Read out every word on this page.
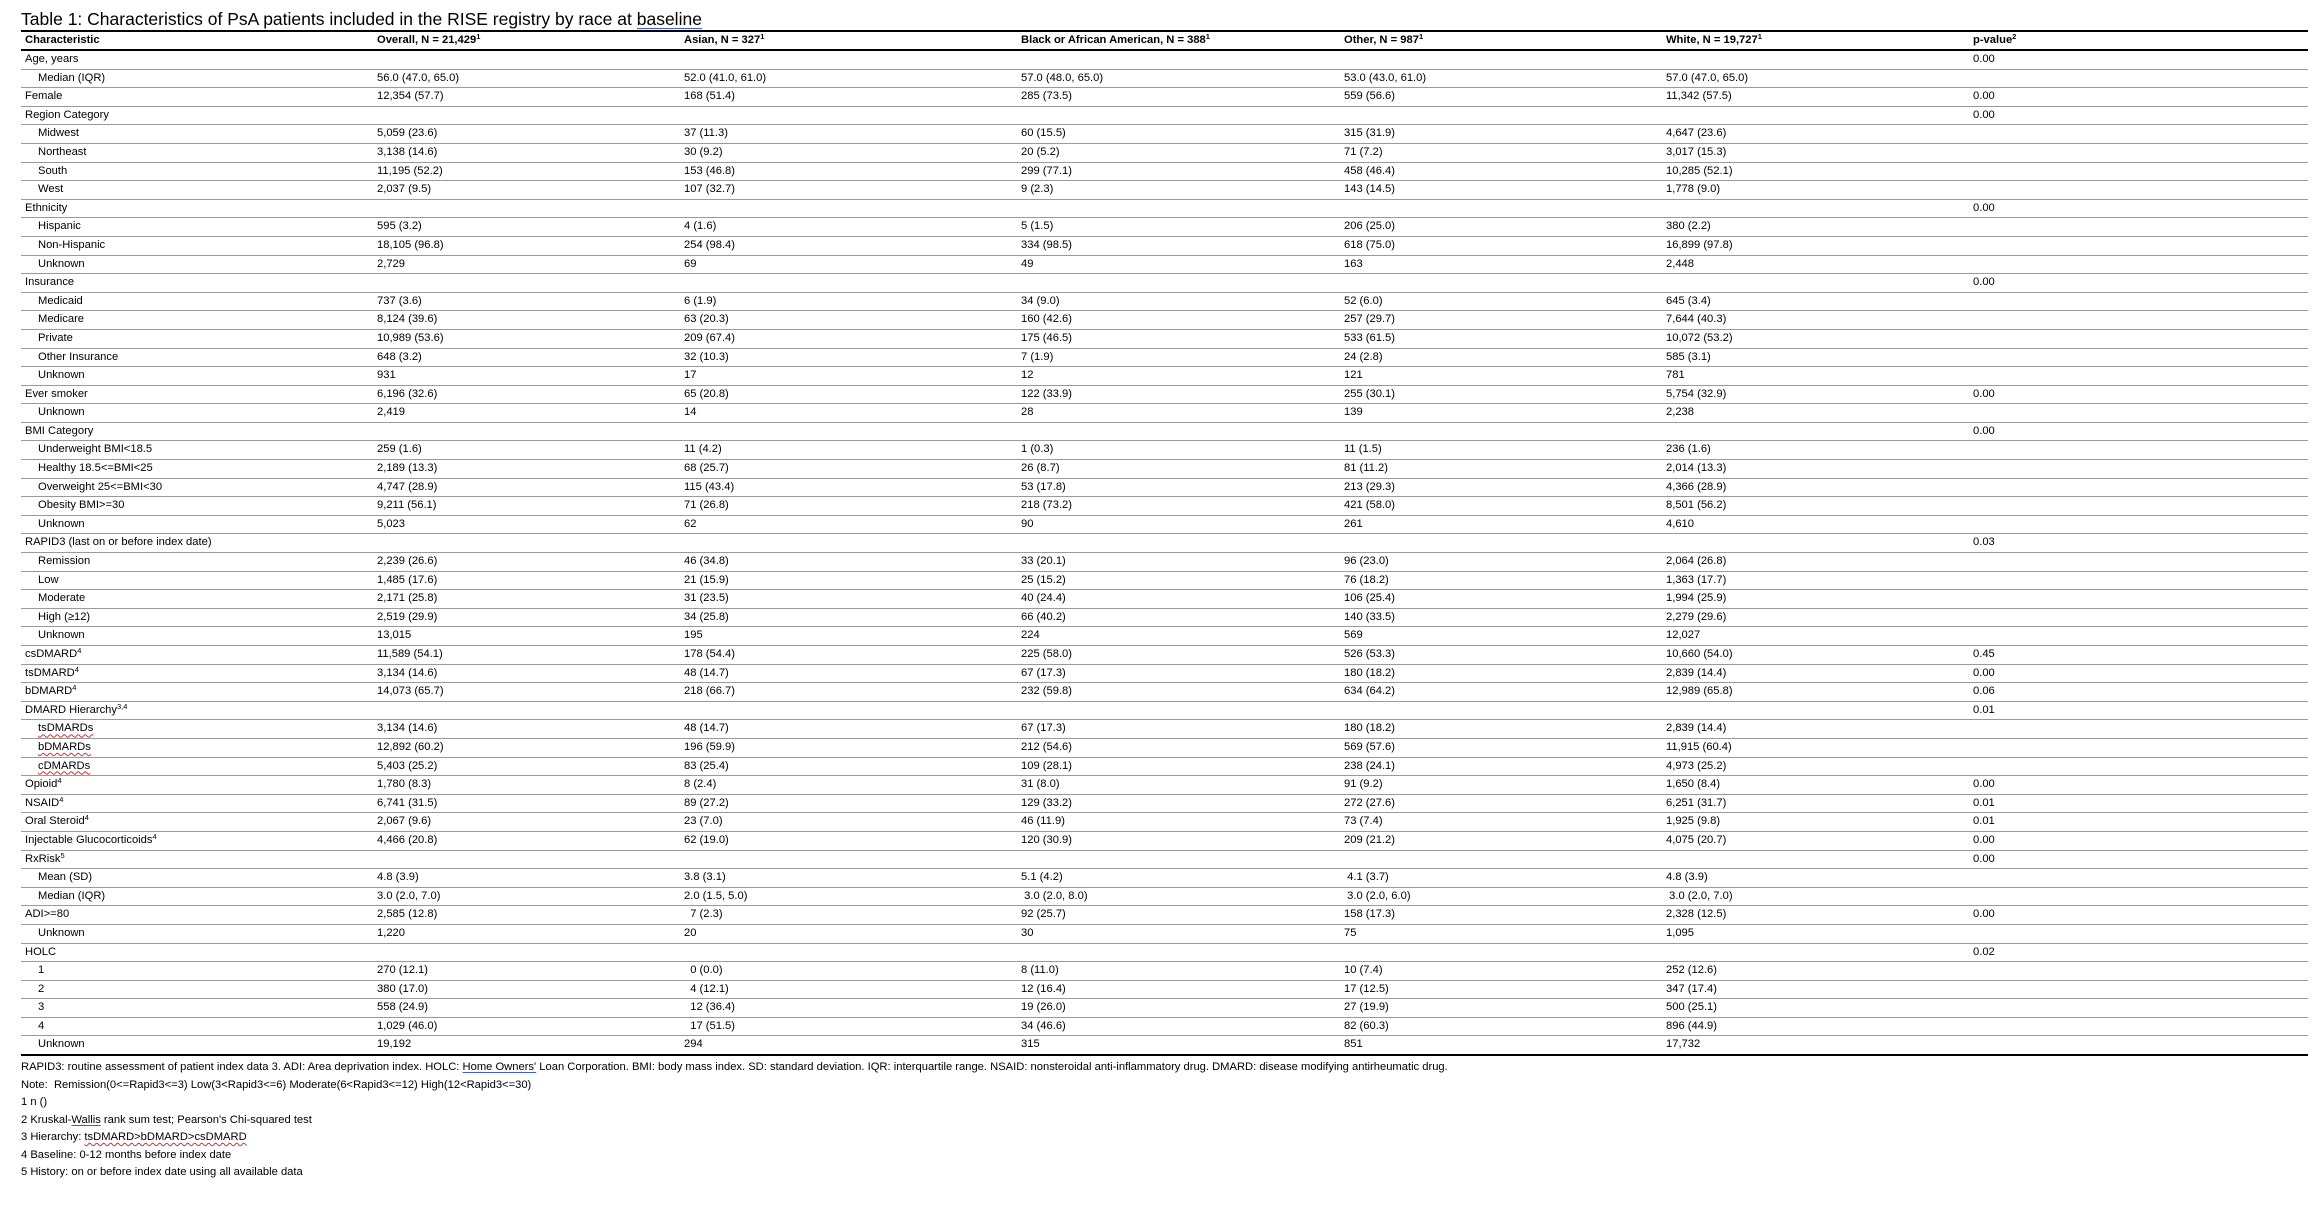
Table 1: Characteristics of PsA patients included in the RISE registry by race at baseline
Characteristic	Overall, $N = 21,429^1$	Asian, $N = 327^1$	Black or African American, $N = 388^1$	Other, $N = 987^1$	White, $N = 19,727^1$	p-value$^2$
Age, years						0.00
Median (IQR)	56.0 (47.0, 65.0)	52.0 (41.0, 61.0)	57.0 (48.0, 65.0)	53.0 (43.0, 61.0)	57.0 (47.0, 65.0)	
Female	12,354 (57.7)	168 (51.4)	285 (73.5)	559 (56.6)	11,342 (57.5)	0.00
Region Category						0.00
Midwest	5,059 (23.6)	37 (11.3)	60 (15.5)	315 (31.9)	4,647 (23.6)	
Northeast	3,138 (14.6)	30 (9.2)	20 (5.2)	71 (7.2)	3,017 (15.3)	
South	11,195 (52.2)	153 (46.8)	299 (77.1)	458 (46.4)	10,285 (52.1)	
West	2,037 (9.5)	107 (32.7)	9 (2.3)	143 (14.5)	1,778 (9.0)	
Ethnicity						0.00
Hispanic	595 (3.2)	4 (1.6)	5 (1.5)	206 (25.0)	380 (2.2)	
Non-Hispanic	18,105 (96.8)	254 (98.4)	334 (98.5)	618 (75.0)	16,899 (97.8)	
Unknown	2,729	69	49	163	2,448	
Insurance						0.00
Medicaid	737 (3.6)	6 (1.9)	34 (9.0)	52 (6.0)	645 (3.4)	
Medicare	8,124 (39.6)	63 (20.3)	160 (42.6)	257 (29.7)	7,644 (40.3)	
Private	10,989 (53.6)	209 (67.4)	175 (46.5)	533 (61.5)	10,072 (53.2)	
Other Insurance	648 (3.2)	32 (10.3)	7 (1.9)	24 (2.8)	585 (3.1)	
Unknown	931	17	12	121	781	
Ever smoker	6,196 (32.6)	65 (20.8)	122 (33.9)	255 (30.1)	5,754 (32.9)	0.00
Unknown	2,419	14	28	139	2,238	
BMI Category						0.00
Underweight BMI<18.5	259 (1.6)	11 (4.2)	1 (0.3)	11 (1.5)	236 (1.6)	
Healthy 18.5<=BMI<25	2,189 (13.3)	68 (25.7)	26 (8.7)	81 (11.2)	2,014 (13.3)	
Overweight 25<=BMI<30	4,747 (28.9)	115 (43.4)	53 (17.8)	213 (29.3)	4,366 (28.9)	
Obesity BMI>=30	9,211 (56.1)	71 (26.8)	218 (73.2)	421 (58.0)	8,501 (56.2)	
Unknown	5,023	62	90	261	4,610	
RAPID3 (last on or before index date)						0.03
Remission	2,239 (26.6)	46 (34.8)	33 (20.1)	96 (23.0)	2,064 (26.8)	
Low	1,485 (17.6)	21 (15.9)	25 (15.2)	76 (18.2)	1,363 (17.7)	
Moderate	2,171 (25.8)	31 (23.5)	40 (24.4)	106 (25.4)	1,994 (25.9)	
High (≥12)	2,519 (29.9)	34 (25.8)	66 (40.2)	140 (33.5)	2,279 (29.6)	
Unknown	13,015	195	224	569	12,027	
csDMARD$^4$	11,589 (54.1)	178 (54.4)	225 (58.0)	526 (53.3)	10,660 (54.0)	0.45
tsDMARD$^4$	3,134 (14.6)	48 (14.7)	67 (17.3)	180 (18.2)	2,839 (14.4)	0.00
bDMARD$^4$	14,073 (65.7)	218 (66.7)	232 (59.8)	634 (64.2)	12,989 (65.8)	0.06
DMARD Hierarchy$^{3,4}$						0.01
tsDMARDs	3,134 (14.6)	48 (14.7)	67 (17.3)	180 (18.2)	2,839 (14.4)	
bDMARDs	12,892 (60.2)	196 (59.9)	212 (54.6)	569 (57.6)	11,915 (60.4)	
cDMARDs	5,403 (25.2)	83 (25.4)	109 (28.1)	238 (24.1)	4,973 (25.2)	
Opioid$^4$	1,780 (8.3)	8 (2.4)	31 (8.0)	91 (9.2)	1,650 (8.4)	0.00
NSAID$^4$	6,741 (31.5)	89 (27.2)	129 (33.2)	272 (27.6)	6,251 (31.7)	0.01
Oral Steroid$^4$	2,067 (9.6)	23 (7.0)	46 (11.9)	73 (7.4)	1,925 (9.8)	0.01
Injectable Glucocorticoids$^4$	4,466 (20.8)	62 (19.0)	120 (30.9)	209 (21.2)	4,075 (20.7)	0.00
RxRisk$^5$						0.00
Mean (SD)	4.8 (3.9)	3.8 (3.1)	5.1 (4.2)	4.1 (3.7)	4.8 (3.9)	
Median (IQR)	3.0 (2.0, 7.0)	2.0 (1.5, 5.0)	3.0 (2.0, 8.0)	3.0 (2.0, 6.0)	3.0 (2.0, 7.0)	
ADI>=80	2,585 (12.8)	7 (2.3)	92 (25.7)	158 (17.3)	2,328 (12.5)	0.00
Unknown	1,220	20	30	75	1,095	
HOLC						0.02
1	270 (12.1)	0 (0.0)	8 (11.0)	10 (7.4)	252 (12.6)	
2	380 (17.0)	4 (12.1)	12 (16.4)	17 (12.5)	347 (17.4)	
3	558 (24.9)	12 (36.4)	19 (26.0)	27 (19.9)	500 (25.1)	
4	1,029 (46.0)	17 (51.5)	34 (46.6)	82 (60.3)	896 (44.9)	
Unknown	19,192	294	315	851	17,732	
RAPID3: routine assessment of patient index data 3. ADI: Area deprivation index. HOLC: Home Owners' Loan Corporation. BMI: body mass index. SD: standard deviation. IQR: interquartile range. NSAID: nonsteroidal anti-inflammatory drug. DMARD: disease modifying antirheumatic drug.
Note:  Remission(0<=Rapid3<=3) Low(3<Rapid3<=6) Moderate(6<Rapid3<=12) High(12<Rapid3<=30)
1 n ()
2 Kruskal-Wallis rank sum test; Pearson's Chi-squared test
3 Hierarchy: tsDMARD>bDMARD>csDMARD
4 Baseline: 0-12 months before index date
5 History: on or before index date using all available data
